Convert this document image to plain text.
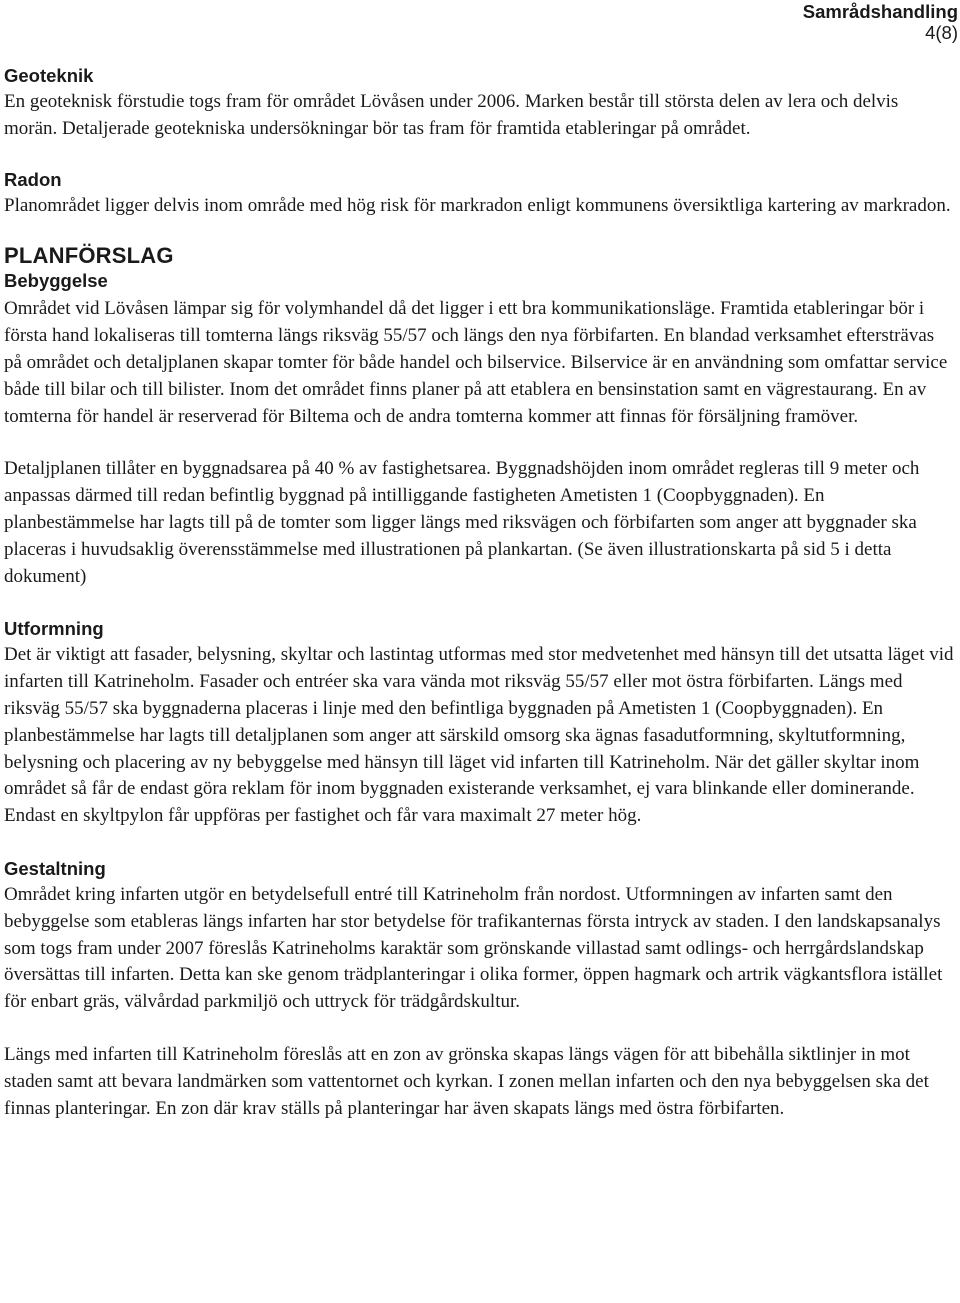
Samrådshandling
4(8)
Geoteknik

En geoteknisk förstudie togs fram för området Lövåsen under 2006. Marken består till största delen av lera och delvis morän. Detaljerade geotekniska undersökningar bör tas fram för framtida etableringar på området.

Radon

Planområdet ligger delvis inom område med hög risk för markradon enligt kommunens översiktliga kartering av markradon.

PLANFÖRSLAG
Bebyggelse

Området vid Lövåsen lämpar sig för volymhandel då det ligger i ett bra kommunikationsläge. Framtida etableringar bör i första hand lokaliseras till tomterna längs riksväg 55/57 och längs den nya förbifarten. En blandad verksamhet eftersträvas på området och detaljplanen skapar tomter för både handel och bilservice. Bilservice är en användning som omfattar service både till bilar och till bilister. Inom det området finns planer på att etablera en bensinstation samt en vägrestaurang. En av tomterna för handel är reserverad för Biltema och de andra tomterna kommer att finnas för försäljning framöver.

Detaljplanen tillåter en byggnadsarea på 40 % av fastighetsarea. Byggnadshöjden inom området regleras till 9 meter och anpassas därmed till redan befintlig byggnad på intilliggande fastigheten Ametisten 1 (Coopbyggnaden). En planbestämmelse har lagts till på de tomter som ligger längs med riksvägen och förbifarten som anger att byggnader ska placeras i huvudsaklig överensstämmelse med illustrationen på plankartan. (Se även illustrationskarta på sid 5 i detta dokument)

Utformning

Det är viktigt att fasader, belysning, skyltar och lastintag utformas med stor medvetenhet med hänsyn till det utsatta läget vid infarten till Katrineholm. Fasader och entréer ska vara vända mot riksväg 55/57 eller mot östra förbifarten. Längs med riksväg 55/57 ska byggnaderna placeras i linje med den befintliga byggnaden på Ametisten 1 (Coopbyggnaden). En planbestämmelse har lagts till detaljplanen som anger att särskild omsorg ska ägnas fasadutformning, skyltutformning, belysning och placering av ny bebyggelse med hänsyn till läget vid infarten till Katrineholm. När det gäller skyltar inom området så får de endast göra reklam för inom byggnaden existerande verksamhet, ej vara blinkande eller dominerande. Endast en skyltpylon får uppföras per fastighet och får vara maximalt 27 meter hög.

Gestaltning

Området kring infarten utgör en betydelsefull entré till Katrineholm från nordost. Utformningen av infarten samt den bebyggelse som etableras längs infarten har stor betydelse för trafikanternas första intryck av staden. I den landskapsanalys som togs fram under 2007 föreslås Katrineholms karaktär som grönskande villastad samt odlings- och herrgårdslandskap översättas till infarten. Detta kan ske genom trädplanteringar i olika former, öppen hagmark och artrik vägkantsflora istället för enbart gräs, välvårdad parkmiljö och uttryck för trädgårdskultur.

Längs med infarten till Katrineholm föreslås att en zon av grönska skapas längs vägen för att bibehålla siktlinjer in mot staden samt att bevara landmärken som vattentornet och kyrkan. I zonen mellan infarten och den nya bebyggelsen ska det finnas planteringar. En zon där krav ställs på planteringar har även skapats längs med östra förbifarten.
